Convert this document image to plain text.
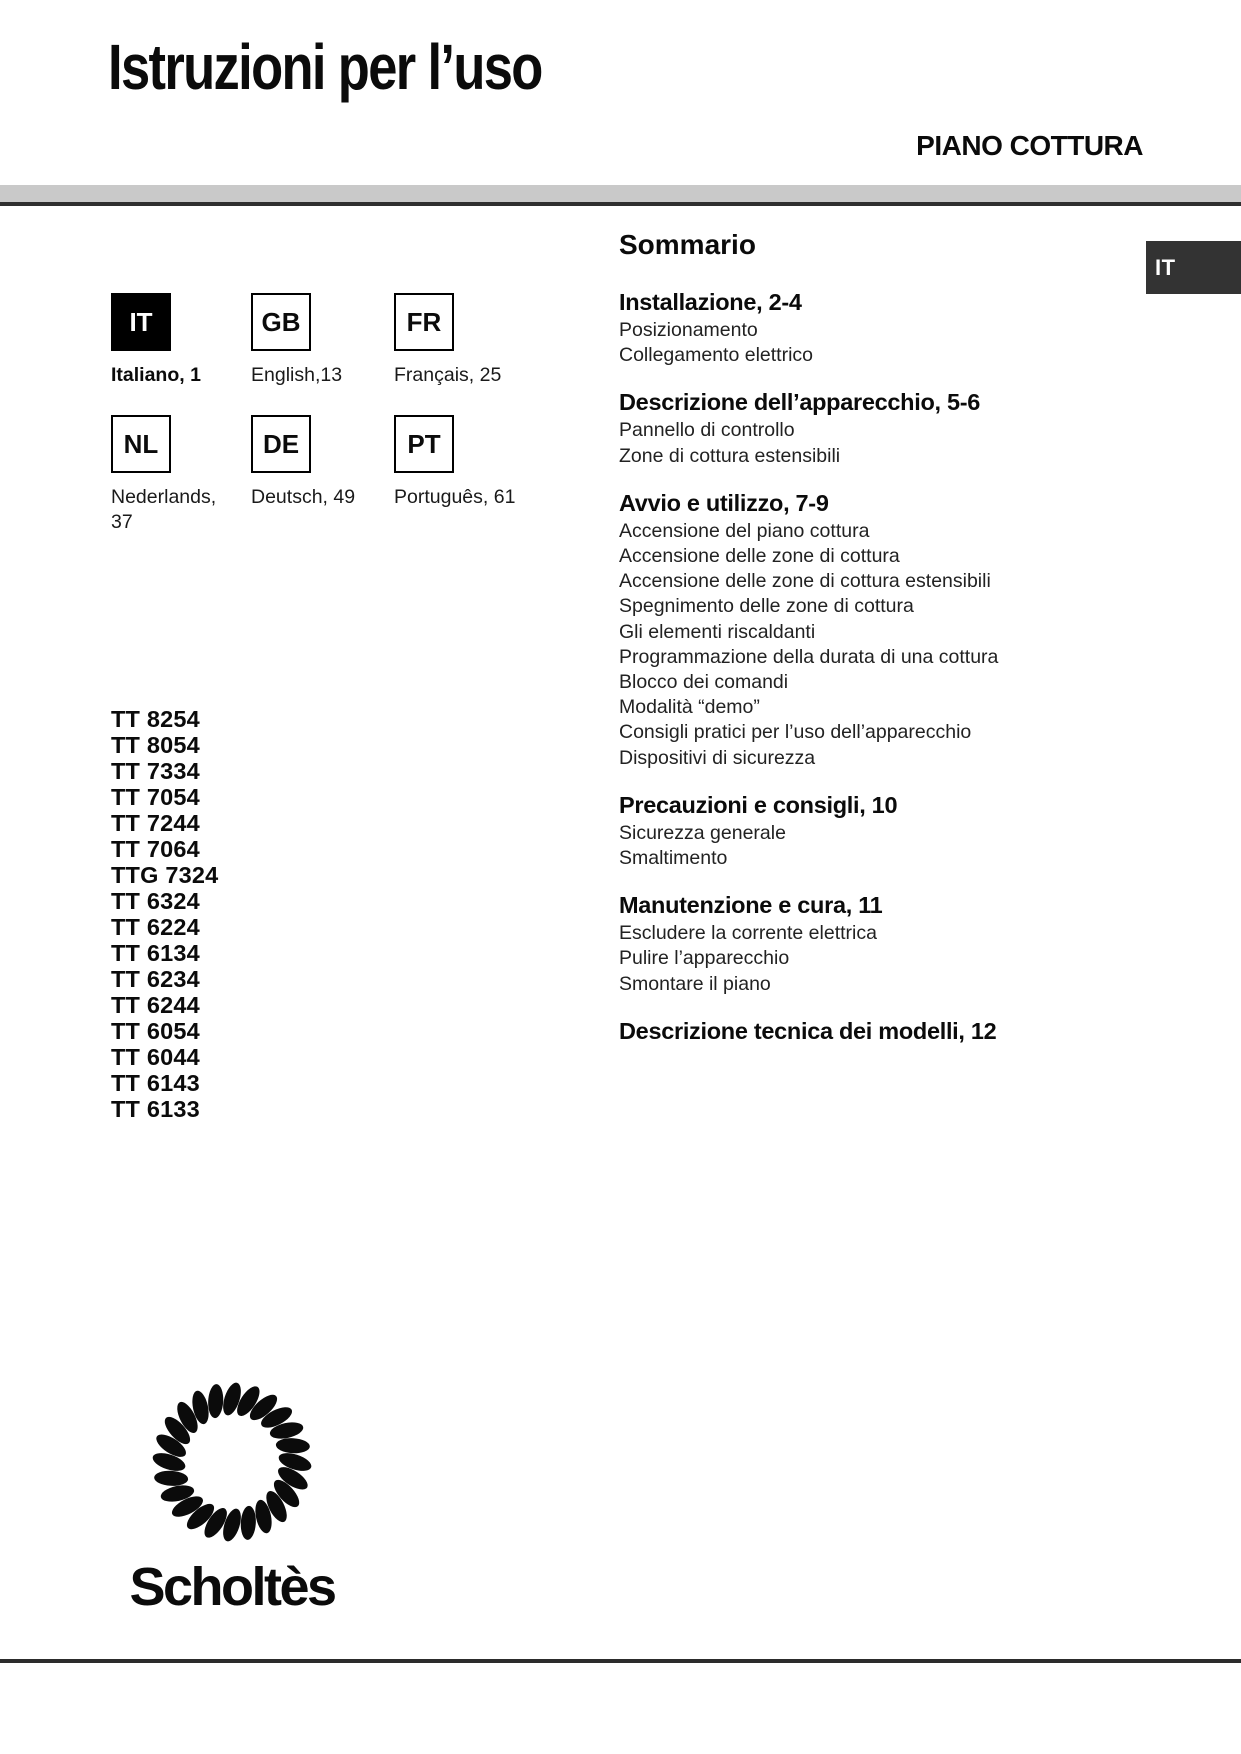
Istruzioni per l’uso
PIANO COTTURA
IT
IT
Italiano, 1
GB
English,13
FR
Français, 25
NL
Nederlands, 37
DE
Deutsch, 49
PT
Português, 61
TT 8254
TT 8054
TT 7334
TT 7054
TT 7244
TT 7064
TTG 7324
TT 6324
TT 6224
TT 6134
TT 6234
TT 6244
TT 6054
TT 6044
TT 6143
TT 6133
Sommario
Installazione, 2-4
Posizionamento
Collegamento elettrico
Descrizione dell’apparecchio, 5-6
Pannello di controllo
Zone di cottura estensibili
Avvio e utilizzo, 7-9
Accensione del piano cottura
Accensione delle zone di cottura
Accensione delle zone di cottura estensibili
Spegnimento delle zone di cottura
Gli elementi riscaldanti
Programmazione della durata di una cottura
Blocco dei comandi
Modalità “demo”
Consigli pratici per l’uso dell’apparecchio
Dispositivi di sicurezza
Precauzioni e consigli, 10
Sicurezza generale
Smaltimento
Manutenzione e cura, 11
Escludere la corrente elettrica
Pulire l’apparecchio
Smontare il piano
Descrizione tecnica dei modelli, 12
Scholtès
